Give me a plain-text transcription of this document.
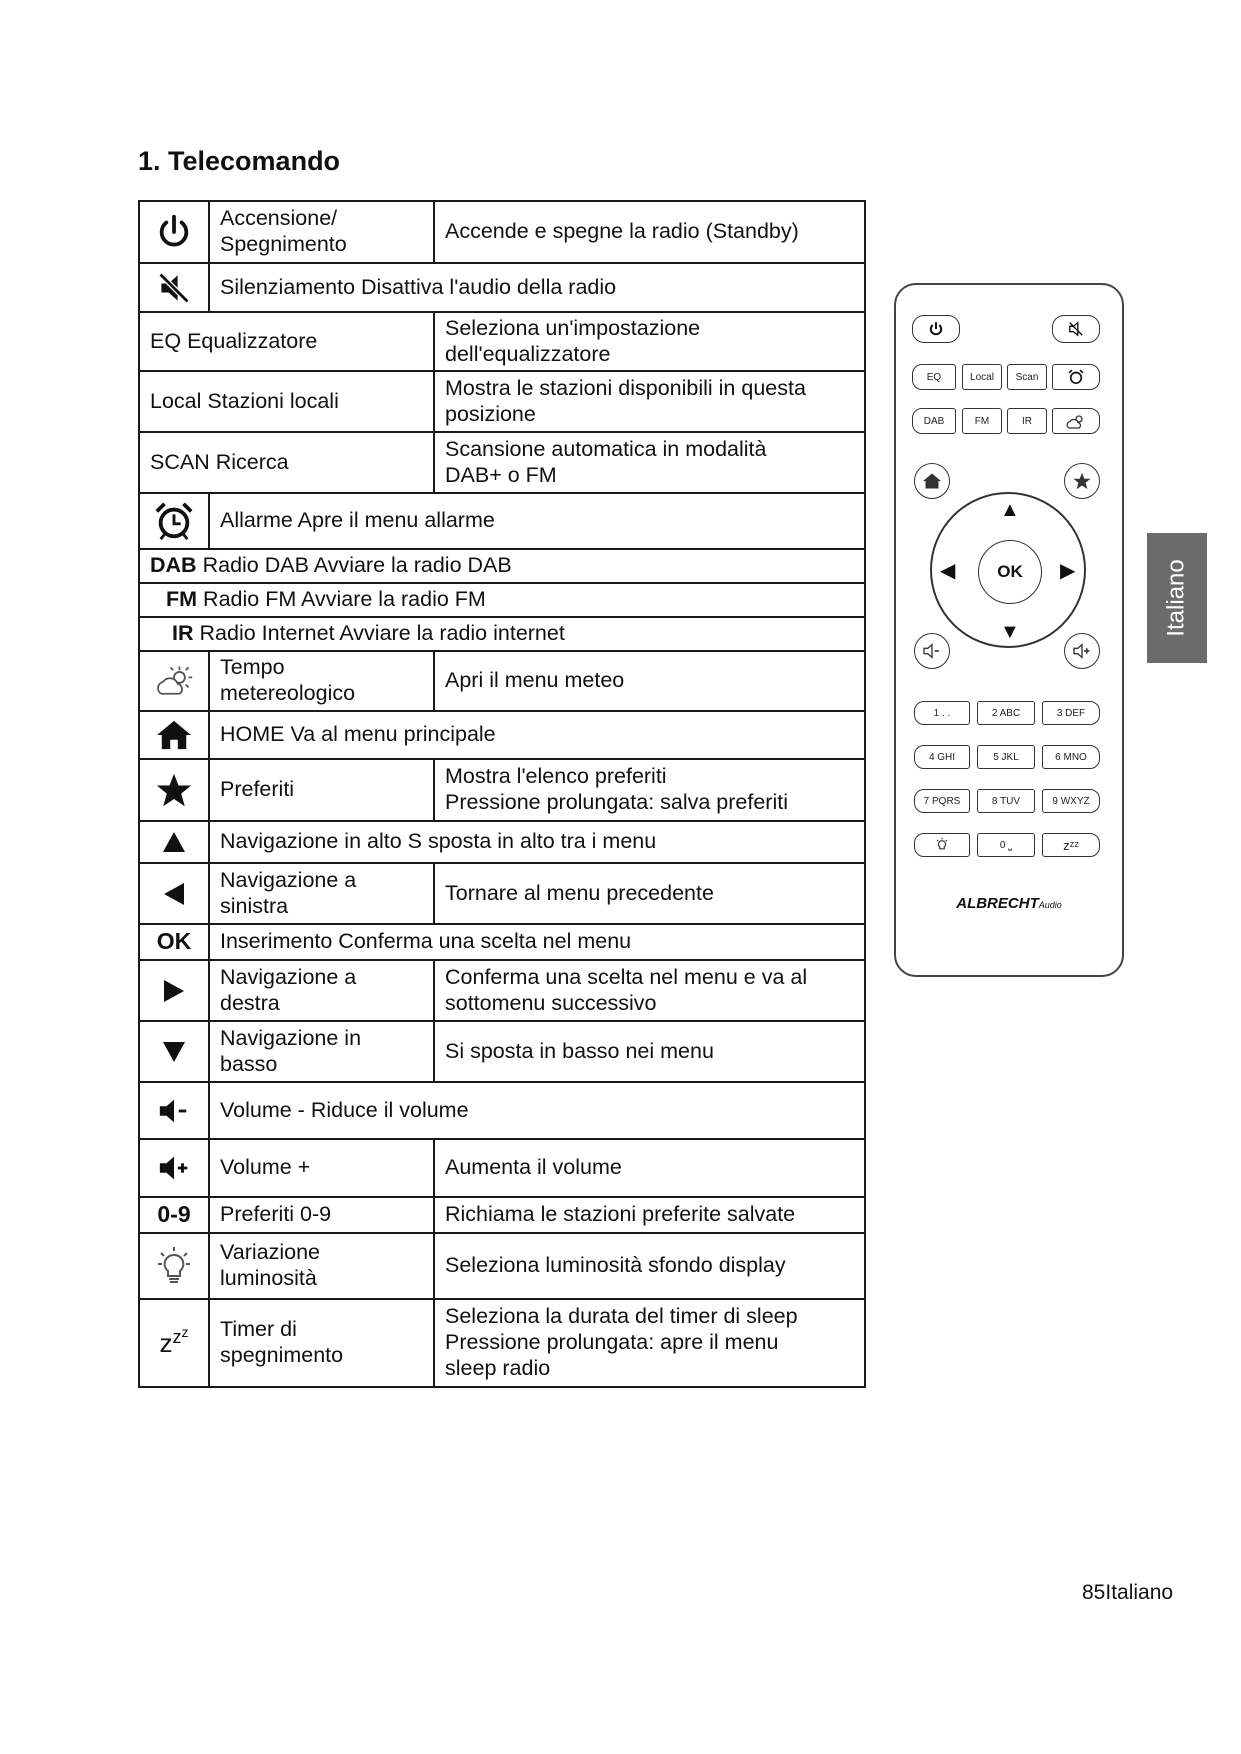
1. Telecomando
	Accensione/
Spegnimento	Accende e spegne la radio (Standby)

	Silenziamento Disattiva l'audio della radio	
EQ Equalizzatore		Seleziona un'impostazione
dell'equalizzatore
Local Stazioni locali		Mostra le stazioni disponibili in questa
posizione
SCAN Ricerca		Scansione automatica in modalità
DAB+ o FM

	Allarme Apre il menu allarme	
DAB Radio DAB Avviare la radio DAB		
FM Radio FM Avviare la radio FM		
IR Radio Internet Avviare la radio internet		

	Tempo
metereologico	Apri il menu meteo

	HOME Va al menu principale	

	Preferiti	Mostra l'elenco preferiti
Pressione prolungata: salva preferiti

	Navigazione in alto S sposta in alto tra i menu	

	Navigazione a
sinistra	Tornare al menu precedente
OK	Inserimento Conferma una scelta nel menu	

	Navigazione a
destra	Conferma una scelta nel menu e va al
sottomenu successivo

	Navigazione in
basso	Si sposta in basso nei menu

	Volume - Riduce il volume	

	Volume +	Aumenta il volume
0-9	Preferiti 0-9	Richiama le stazioni preferite salvate

	Variazione
luminosità	Seleziona luminosità sfondo display
$z^{zz}$	Timer di
spegnimento	Seleziona la durata del timer di sleep
Pressione prolungata: apre il menu
sleep radio
EQ	Local	Scan
DAB	FM	IR
▲
▼
◀	▶
OK
1 . .	2 ABC	3 DEF
4 GHI	5 JKL	6 MNO
7 PQRS	8 TUV	9 WXYZ
0 ⎵	zᶻᶻ
ALBRECHTAudio
Italiano
85Italiano
